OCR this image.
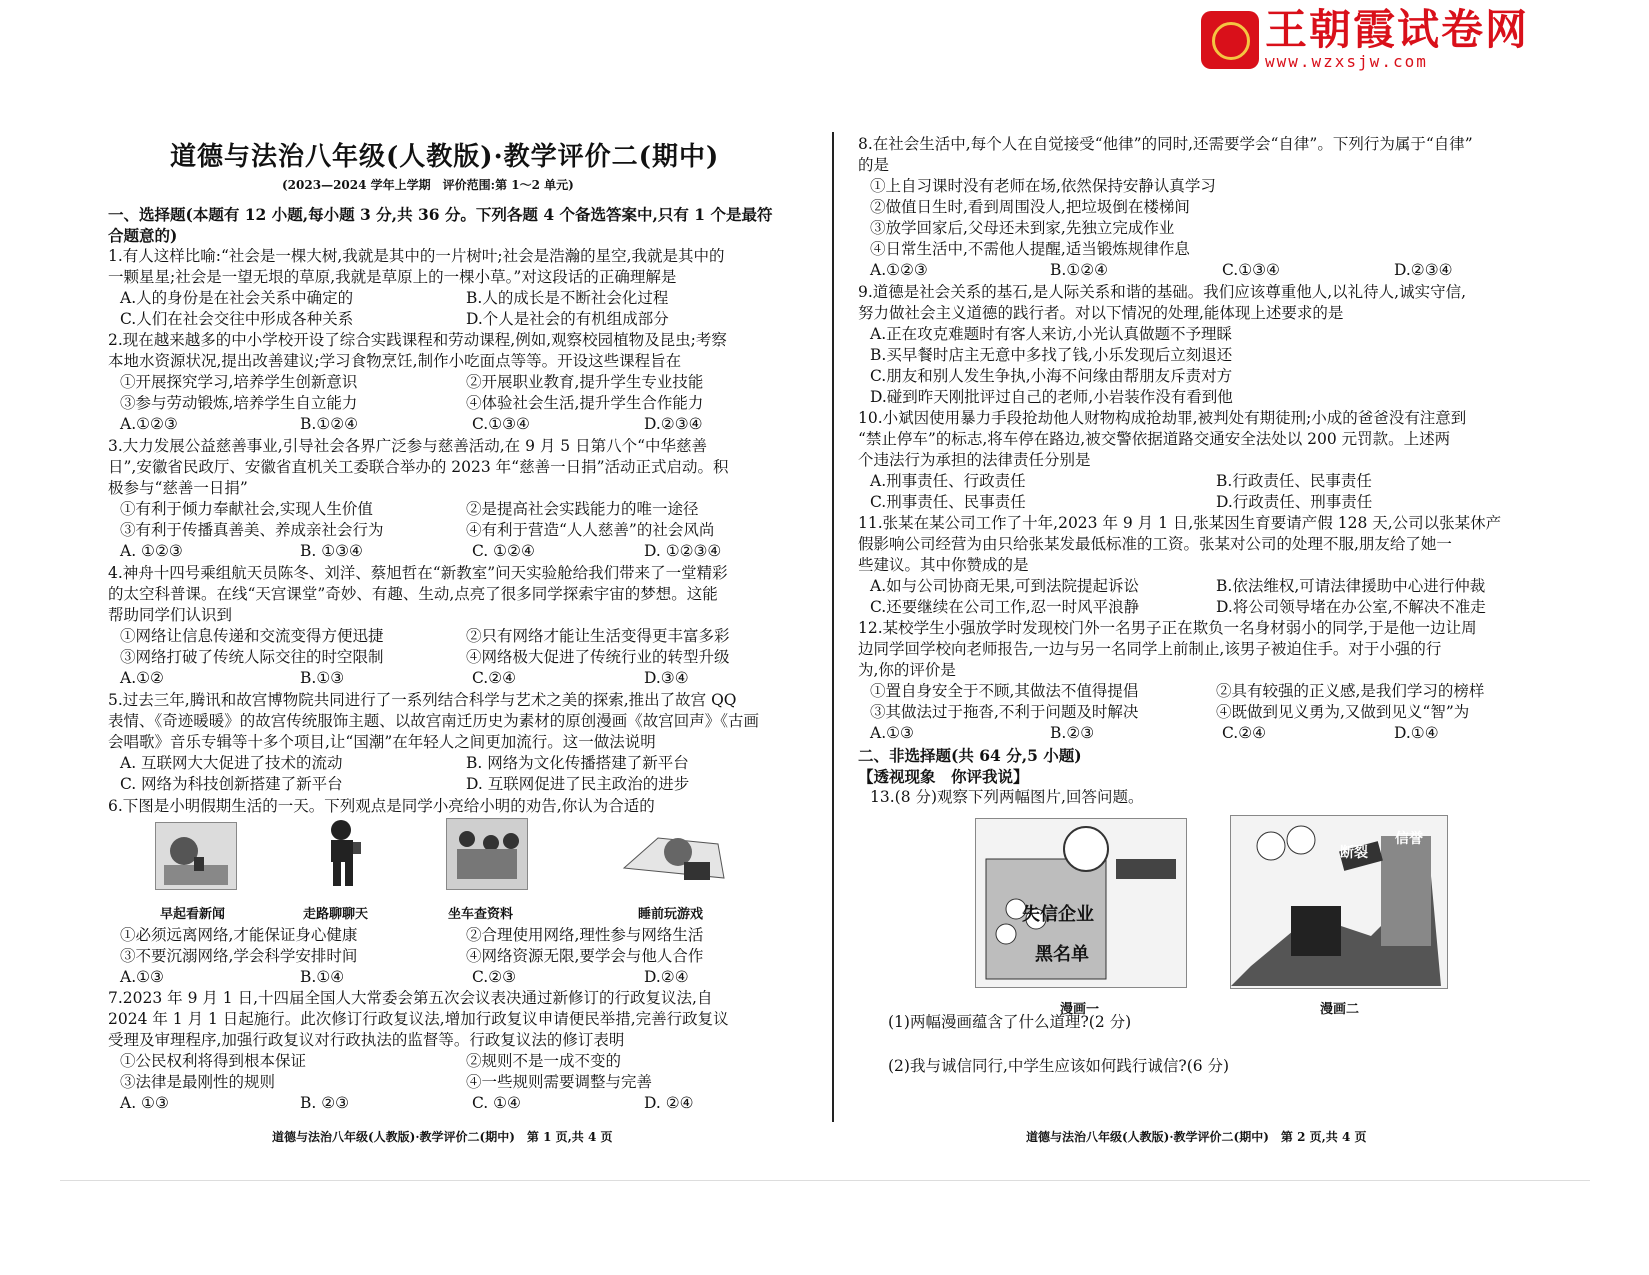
王朝霞试卷网
www.wzxsjw.com
道德与法治八年级(人教版)·教学评价二(期中)
(2023—2024 学年上学期　评价范围:第 1～2 单元)
一、选择题(本题有 12 小题,每小题 3 分,共 36 分。下列各题 4 个备选答案中,只有 1 个是最符
合题意的)
1.有人这样比喻:“社会是一棵大树,我就是其中的一片树叶;社会是浩瀚的星空,我就是其中的
一颗星星;社会是一望无垠的草原,我就是草原上的一棵小草。”对这段话的正确理解是
A.人的身份是在社会关系中确定的	B.人的成长是不断社会化过程
C.人们在社会交往中形成各种关系	D.个人是社会的有机组成部分
2.现在越来越多的中小学校开设了综合实践课程和劳动课程,例如,观察校园植物及昆虫;考察
本地水资源状况,提出改善建议;学习食物烹饪,制作小吃面点等等。开设这些课程旨在
①开展探究学习,培养学生创新意识	②开展职业教育,提升学生专业技能
③参与劳动锻炼,培养学生自立能力	④体验社会生活,提升学生合作能力
A.①②③	B.①②④	C.①③④	D.②③④
3.大力发展公益慈善事业,引导社会各界广泛参与慈善活动,在 9 月 5 日第八个“中华慈善
日”,安徽省民政厅、安徽省直机关工委联合举办的 2023 年“慈善一日捐”活动正式启动。积
极参与“慈善一日捐”
①有利于倾力奉献社会,实现人生价值	②是提高社会实践能力的唯一途径
③有利于传播真善美、养成亲社会行为	④有利于营造“人人慈善”的社会风尚
A. ①②③	B. ①③④	C. ①②④	D. ①②③④
4.神舟十四号乘组航天员陈冬、刘洋、蔡旭哲在“新教室”问天实验舱给我们带来了一堂精彩
的太空科普课。在线“天宫课堂”奇妙、有趣、生动,点亮了很多同学探索宇宙的梦想。这能
帮助同学们认识到
①网络让信息传递和交流变得方便迅捷	②只有网络才能让生活变得更丰富多彩
③网络打破了传统人际交往的时空限制	④网络极大促进了传统行业的转型升级
A.①②	B.①③	C.②④	D.③④
5.过去三年,腾讯和故宫博物院共同进行了一系列结合科学与艺术之美的探索,推出了故宫 QQ
表情、《奇迹暖暖》的故宫传统服饰主题、以故宫南迁历史为素材的原创漫画《故宫回声》《古画
会唱歌》音乐专辑等十多个项目,让“国潮”在年轻人之间更加流行。这一做法说明
A. 互联网大大促进了技术的流动	B. 网络为文化传播搭建了新平台
C. 网络为科技创新搭建了新平台	D. 互联网促进了民主政治的进步
6.下图是小明假期生活的一天。下列观点是同学小亮给小明的劝告,你认为合适的
早起看新闻	走路聊聊天	坐车查资料	睡前玩游戏
①必须远离网络,才能保证身心健康	②合理使用网络,理性参与网络生活
③不要沉溺网络,学会科学安排时间	④网络资源无限,要学会与他人合作
A.①③	B.①④	C.②③	D.②④
7.2023 年 9 月 1 日,十四届全国人大常委会第五次会议表决通过新修订的行政复议法,自
2024 年 1 月 1 日起施行。此次修订行政复议法,增加行政复议申请便民举措,完善行政复议
受理及审理程序,加强行政复议对行政执法的监督等。行政复议法的修订表明
①公民权利将得到根本保证	②规则不是一成不变的
③法律是最刚性的规则	④一些规则需要调整与完善
A. ①③	B. ②③	C. ①④	D. ②④
道德与法治八年级(人教版)·教学评价二(期中)　第 1 页,共 4 页
8.在社会生活中,每个人在自觉接受“他律”的同时,还需要学会“自律”。下列行为属于“自律”
的是
①上自习课时没有老师在场,依然保持安静认真学习
②做值日生时,看到周围没人,把垃圾倒在楼梯间
③放学回家后,父母还未到家,先独立完成作业
④日常生活中,不需他人提醒,适当锻炼规律作息
A.①②③	B.①②④	C.①③④	D.②③④
9.道德是社会关系的基石,是人际关系和谐的基础。我们应该尊重他人,以礼待人,诚实守信,
努力做社会主义道德的践行者。对以下情况的处理,能体现上述要求的是
A.正在攻克难题时有客人来访,小光认真做题不予理睬
B.买早餐时店主无意中多找了钱,小乐发现后立刻退还
C.朋友和别人发生争执,小海不问缘由帮朋友斥责对方
D.碰到昨天刚批评过自己的老师,小岩装作没有看到他
10.小斌因使用暴力手段抢劫他人财物构成抢劫罪,被判处有期徒刑;小成的爸爸没有注意到
“禁止停车”的标志,将车停在路边,被交警依据道路交通安全法处以 200 元罚款。上述两
个违法行为承担的法律责任分别是
A.刑事责任、行政责任	B.行政责任、民事责任
C.刑事责任、民事责任	D.行政责任、刑事责任
11.张某在某公司工作了十年,2023 年 9 月 1 日,张某因生育要请产假 128 天,公司以张某休产
假影响公司经营为由只给张某发最低标准的工资。张某对公司的处理不服,朋友给了她一
些建议。其中你赞成的是
A.如与公司协商无果,可到法院提起诉讼	B.依法维权,可请法律援助中心进行仲裁
C.还要继续在公司工作,忍一时风平浪静	D.将公司领导堵在办公室,不解决不准走
12.某校学生小强放学时发现校门外一名男子正在欺负一名身材弱小的同学,于是他一边让周
边同学回学校向老师报告,一边与另一名同学上前制止,该男子被迫住手。对于小强的行
为,你的评价是
①置自身安全于不顾,其做法不值得提倡	②具有较强的正义感,是我们学习的榜样
③其做法过于拖沓,不利于问题及时解决	④既做到见义勇为,又做到见义“智”为
A.①③	B.②③	C.②④	D.①④
二、非选择题(共 64 分,5 小题)
【透视现象　你评我说】
13.(8 分)观察下列两幅图片,回答问题。
失信企业
黑名单
断裂
信誉
漫画一	漫画二
(1)两幅漫画蕴含了什么道理?(2 分)
(2)我与诚信同行,中学生应该如何践行诚信?(6 分)
道德与法治八年级(人教版)·教学评价二(期中)　第 2 页,共 4 页
